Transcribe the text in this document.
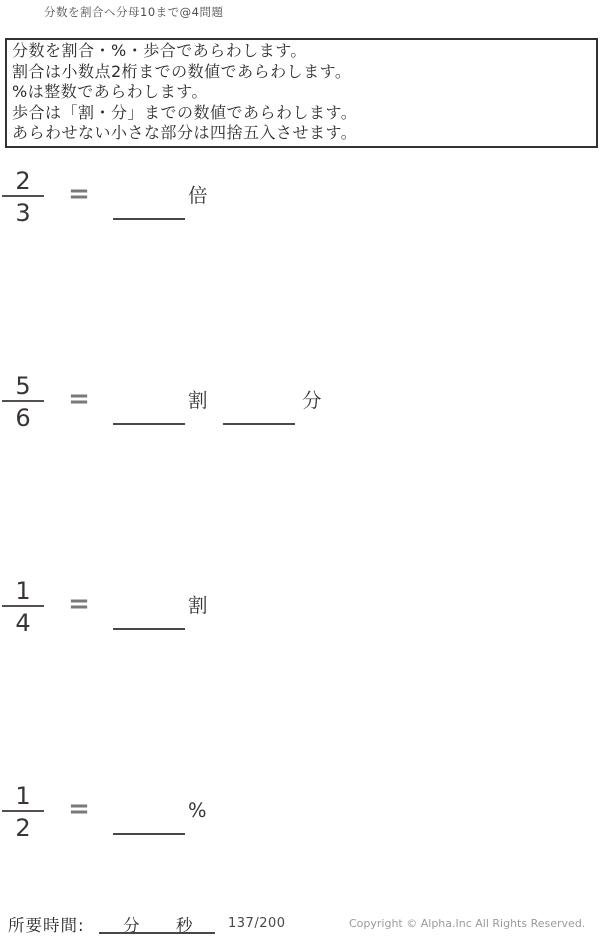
分数を割合へ分母10まで@4問題
分数を割合・%・歩合であらわします。
割合は小数点2桁までの数値であらわします。
%は整数であらわします。
歩合は「割・分」までの数値であらわします。
あらわせない小さな部分は四捨五入させます。
2
3
=	倍
5
6
=	割	分
1
4
=	割
1
2
=	%
所要時間: 分 秒	137/200	Copyright © Alpha.Inc All Rights Reserved.
